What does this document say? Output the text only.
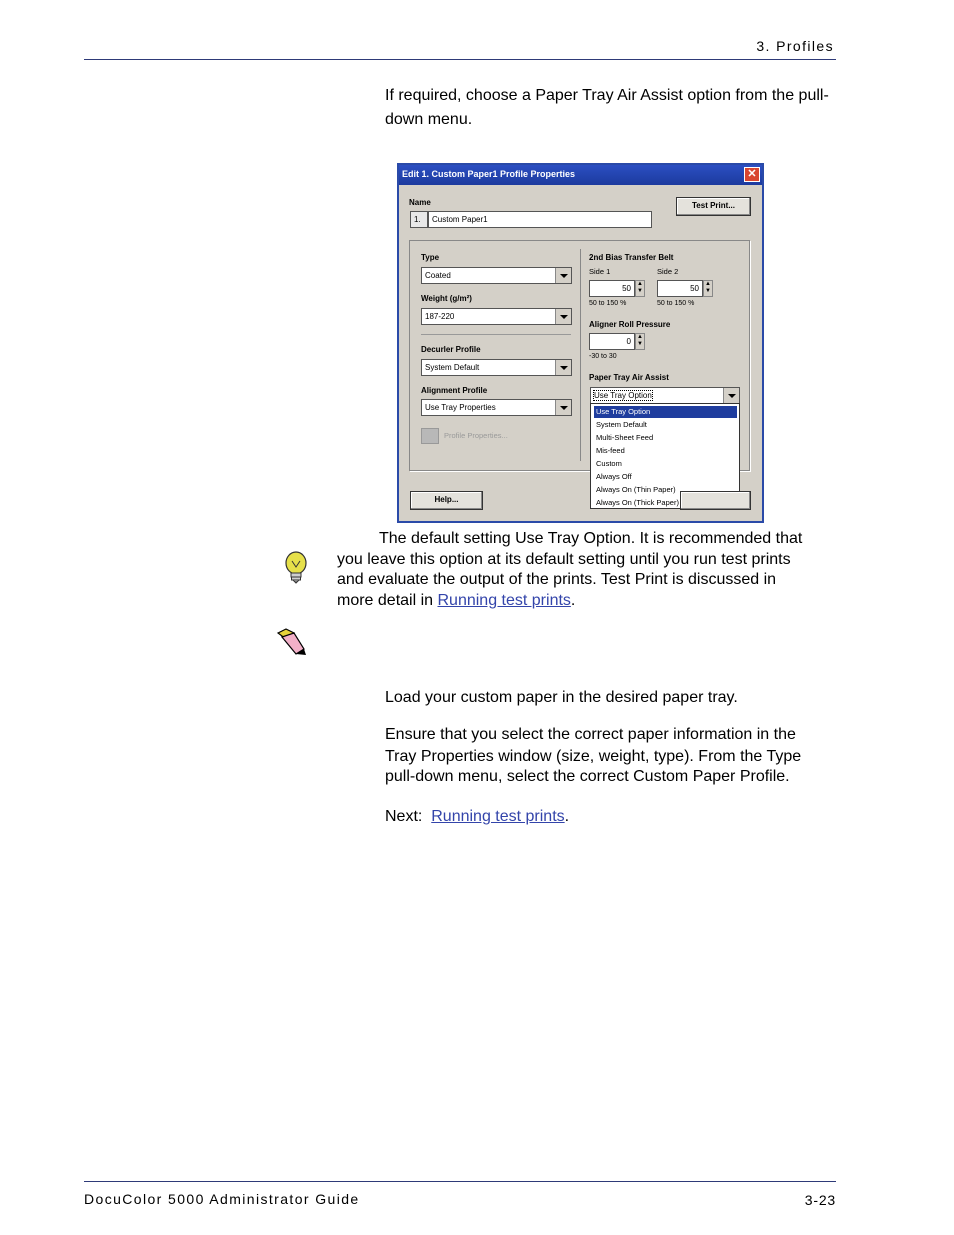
3. Profiles
If required, choose a Paper Tray Air Assist option from the pull-down menu.
Edit 1. Custom Paper1 Profile Properties	✕
Name
1.	Custom Paper1
Test Print...
Type
Coated
Weight (g/m²)
187-220
Decurler Profile
System Default
Alignment Profile
Use Tray Properties
Profile Properties...
2nd Bias Transfer Belt
Side 1	Side 2
50	▲
▼	50	▲
▼
50 to 150 %	50 to 150 %
Aligner Roll Pressure
0	▲
▼
-30 to 30
Paper Tray Air Assist
Use Tray Option
Use Tray Option
System Default
Multi-Sheet Feed
Mis-feed
Custom
Always Off
Always On (Thin Paper)
Always On (Thick Paper)
Help...
The default setting Use Tray Option. It is recommended that
you leave this option at its default setting until you run test prints
and evaluate the output of the prints. Test Print is discussed in
more detail in Running test prints.
Load your custom paper in the desired paper tray.
Ensure that you select the correct paper information in the
Tray Properties window (size, weight, type). From the Type
pull-down menu, select the correct Custom Paper Profile.
Next:  Running test prints.
DocuColor 5000 Administrator Guide	3-23
